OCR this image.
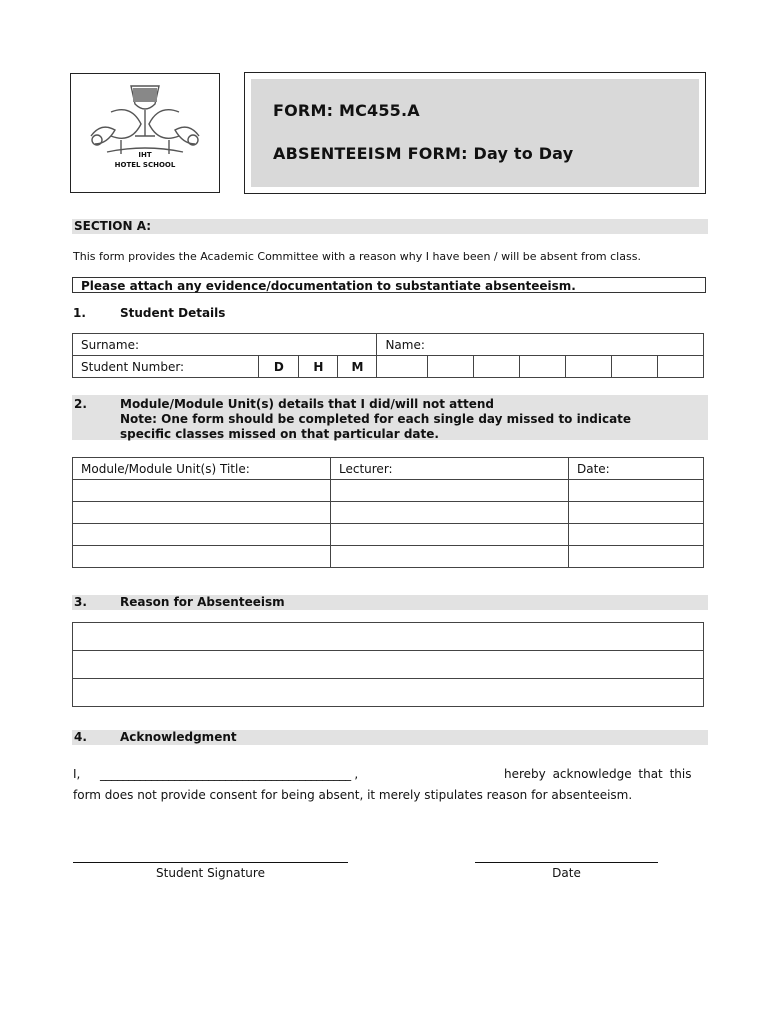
IHT
HOTEL SCHOOL
FORM: MC455.A
ABSENTEEISM FORM: Day to Day
SECTION A:
This form provides the Academic Committee with a reason why I have been / will be absent from class.
Please attach any evidence/documentation to substantiate absenteeism.
1.	Student Details
Surname:				Name:						
Student Number:	D	H	M							
2.	Module/Module Unit(s) details that I did/will not attend
Note: One form should be completed for each single day missed to indicate
specific classes missed on that particular date.
Module/Module Unit(s) Title:	Lecturer:	Date:

3.	Reason for Absenteeism

4.	Acknowledgment
I, ____________________________________________ ,	hereby acknowledge that this
form does not provide consent for being absent, it merely stipulates reason for absenteeism.
Student Signature	Date
